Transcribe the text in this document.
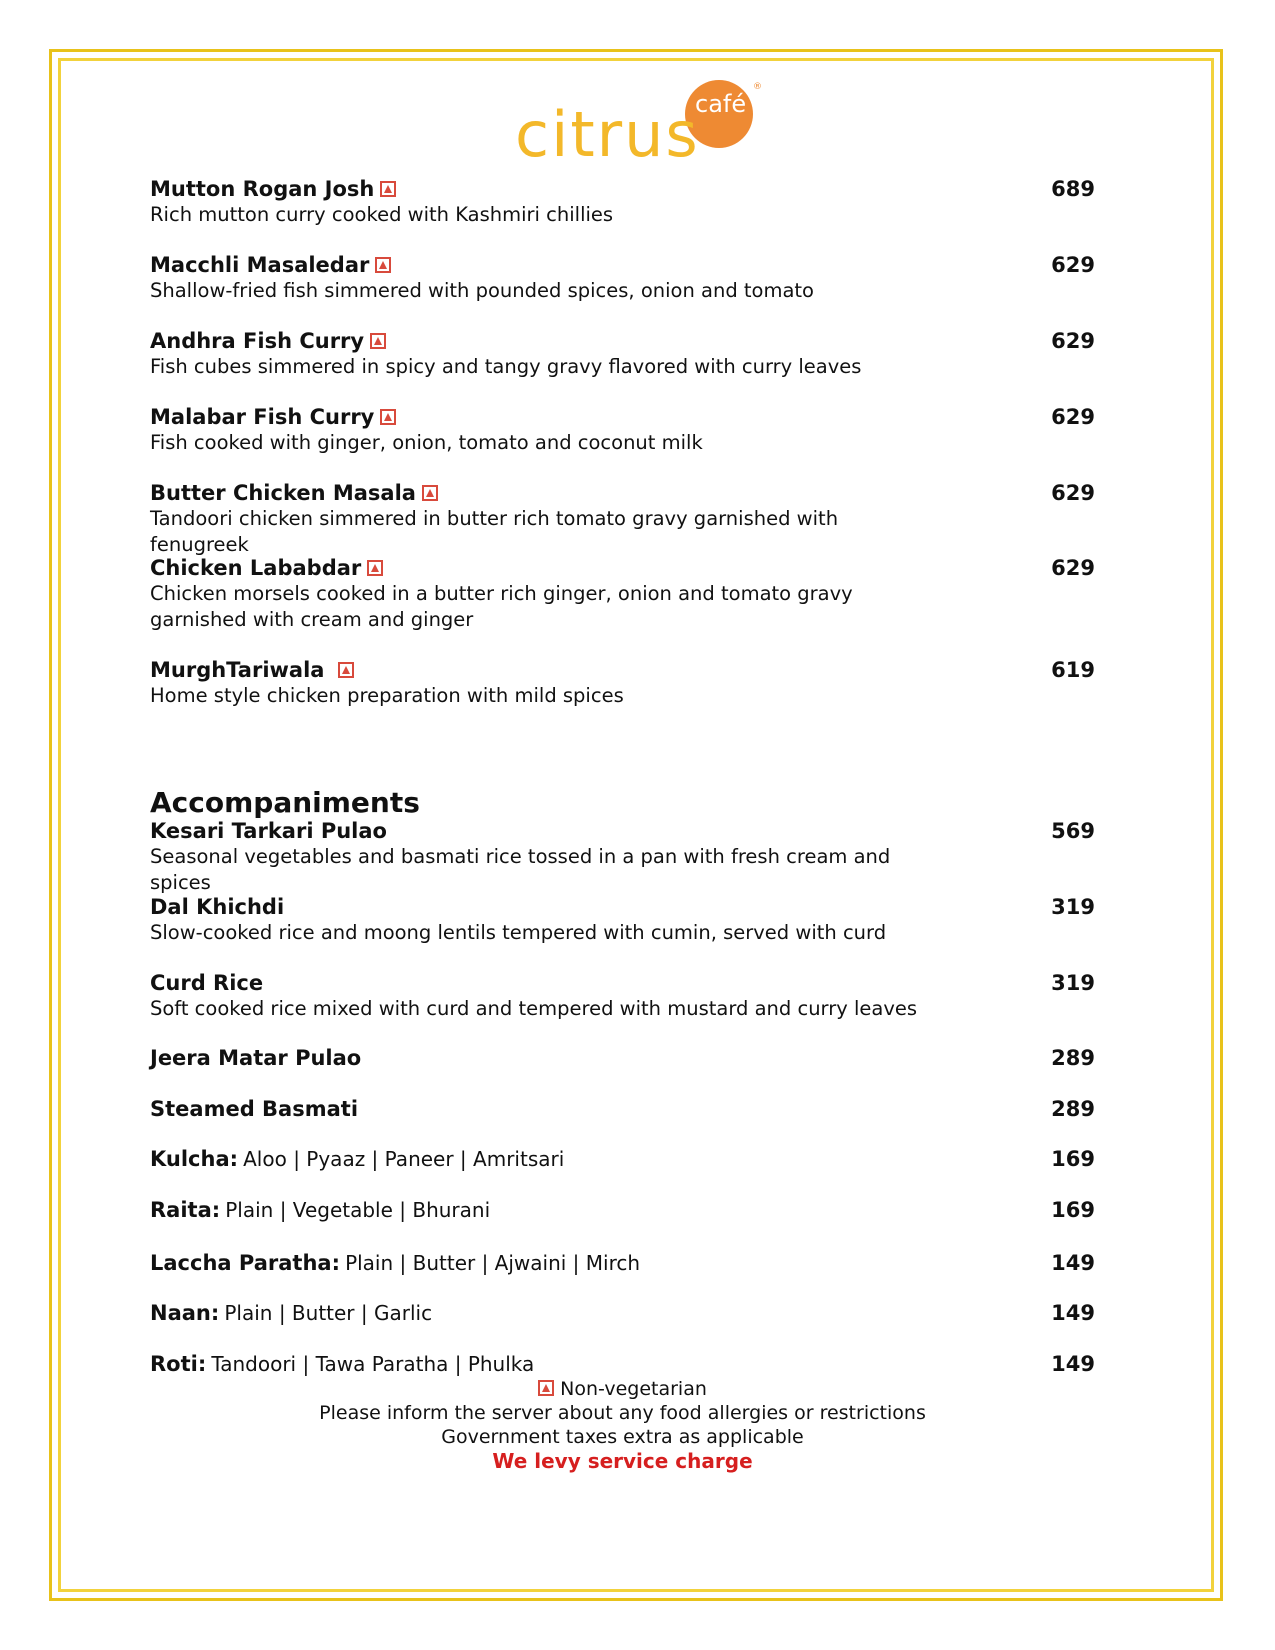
café
®
citrus
Mutton Rogan Josh	689
Rich mutton curry cooked with Kashmiri chillies
Macchli Masaledar	629
Shallow-fried fish simmered with pounded spices, onion and tomato
Andhra Fish Curry	629
Fish cubes simmered in spicy and tangy gravy flavored with curry leaves
Malabar Fish Curry	629
Fish cooked with ginger, onion, tomato and coconut milk
Butter Chicken Masala	629
Tandoori chicken simmered in butter rich tomato gravy garnished with fenugreek
Chicken Lababdar	629
Chicken morsels cooked in a butter rich ginger, onion and tomato gravy garnished with cream and ginger
MurghTariwala	619
Home style chicken preparation with mild spices
Accompaniments
Kesari Tarkari Pulao	569
Seasonal vegetables and basmati rice tossed in a pan with fresh cream and spices
Dal Khichdi	319
Slow-cooked rice and moong lentils tempered with cumin, served with curd
Curd Rice	319
Soft cooked rice mixed with curd and tempered with mustard and curry leaves
Jeera Matar Pulao	289
Steamed Basmati	289
Kulcha: Aloo | Pyaaz | Paneer | Amritsari	169
Raita: Plain | Vegetable | Bhurani	169
Laccha Paratha: Plain | Butter | Ajwaini | Mirch	149
Naan: Plain | Butter | Garlic	149
Roti: Tandoori | Tawa Paratha | Phulka	149
Non-vegetarian
Please inform the server about any food allergies or restrictions
Government taxes extra as applicable
We levy service charge
